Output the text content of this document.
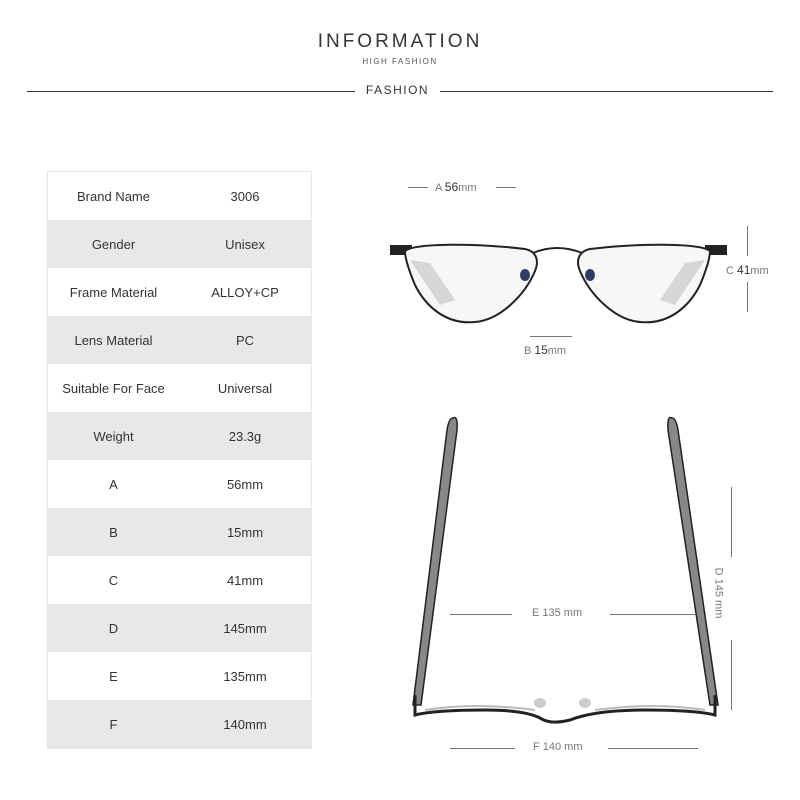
INFORMATION
HIGH FASHION
FASHION
Brand Name	3006
Gender	Unisex
Frame Material	ALLOY+CP
Lens Material	PC
Suitable For Face	Universal
Weight	23.3g
A	56mm
B	15mm
C	41mm
D	145mm
E	135mm
F	140mm
A 56mm
B 15mm
C 41mm
D 145 mm
E 135 mm
F 140 mm
